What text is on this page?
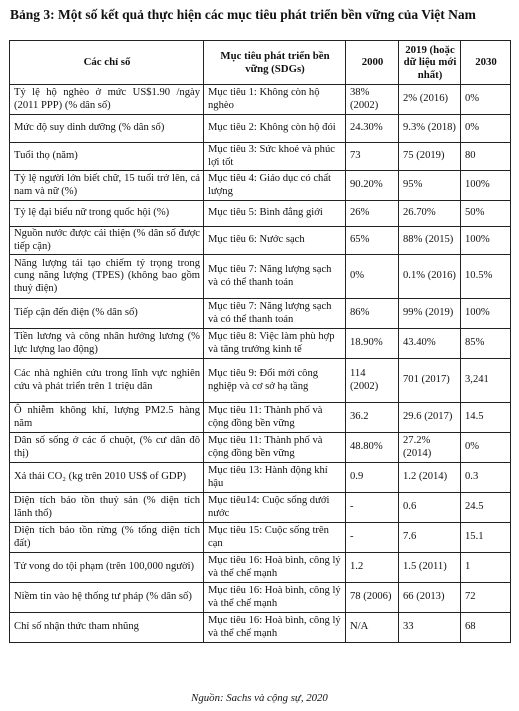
Bảng 3: Một số kết quả thực hiện các mục tiêu phát triển bền vững của Việt Nam
Các chỉ số	Mục tiêu phát triển bền vững (SDGs)	2000	2019 (hoặc dữ liệu mới nhất)	2030
Tỷ lệ hộ nghèo ở mức US$1.90 /ngày (2011 PPP) (% dân số)	Mục tiêu 1: Không còn hộ nghèo	38% (2002)	2% (2016)	0%
Mức độ suy dinh dưỡng (% dân số)	Mục tiêu 2: Không còn hộ đói	24.30%	9.3% (2018)	0%
Tuổi thọ (năm)	Mục tiêu 3: Sức khoẻ và phúc lợi tốt	73	75 (2019)	80
Tỷ lệ người lớn biết chữ, 15 tuổi trở lên, cả nam và nữ (%)	Mục tiêu 4: Giáo dục có chất lượng	90.20%	95%	100%
Tỷ lệ đại biểu nữ trong quốc hội (%)	Mục tiêu 5: Bình đẳng giới	26%	26.70%	50%
Nguồn nước được cải thiện (% dân số được tiếp cận)	Mục tiêu 6: Nước sạch	65%	88% (2015)	100%
Năng lượng tái tạo chiếm tỷ trọng trong cung năng lượng (TPES) (không bao gồm thuỷ điện)	Mục tiêu 7: Năng lượng sạch và có thể thanh toán	0%	0.1% (2016)	10.5%
Tiếp cận đến điện (% dân số)	Mục tiêu 7: Năng lượng sạch và có thể thanh toán	86%	99% (2019)	100%
Tiền lương và công nhân hưởng lương (% lực lượng lao động)	Mục tiêu 8: Việc làm phù hợp và tăng trưởng kinh tế	18.90%	43.40%	85%
Các nhà nghiên cứu trong lĩnh vực nghiên cứu và phát triển trên 1 triệu dân	Mục tiêu 9: Đổi mới công nghiệp và cơ sở hạ tầng	114 (2002)	701 (2017)	3,241
Ô nhiễm không khí, lượng PM2.5 hàng năm	Mục tiêu 11: Thành phố và cộng đồng bền vững	36.2	29.6 (2017)	14.5
Dân số sống ở các ổ chuột, (% cư dân đô thị)	Mục tiêu 11: Thành phố và cộng đồng bền vững	48.80%	27.2% (2014)	0%
Xả thải CO₂ (kg trên 2010 US$ of GDP)	Mục tiêu 13: Hành động khí hậu	0.9	1.2 (2014)	0.3
Diện tích bảo tồn thuỷ sản (% diện tích lãnh thổ)	Mục tiêu14: Cuộc sống dưới nước	-	0.6	24.5
Diện tích bảo tồn rừng (% tổng diện tích đất)	Mục tiêu 15: Cuộc sống trên cạn	-	7.6	15.1
Tử vong do tội phạm (trên 100,000 người)	Mục tiêu 16: Hoà bình, công lý và thể chế mạnh	1.2	1.5 (2011)	1
Niềm tin vào hệ thống tư pháp (% dân số)	Mục tiêu 16: Hoà bình, công lý và thể chế mạnh	78 (2006)	66 (2013)	72
Chỉ số nhận thức tham nhũng	Mục tiêu 16: Hoà bình, công lý và thể chế mạnh	N/A	33	68
Nguồn: Sachs và cộng sự, 2020
